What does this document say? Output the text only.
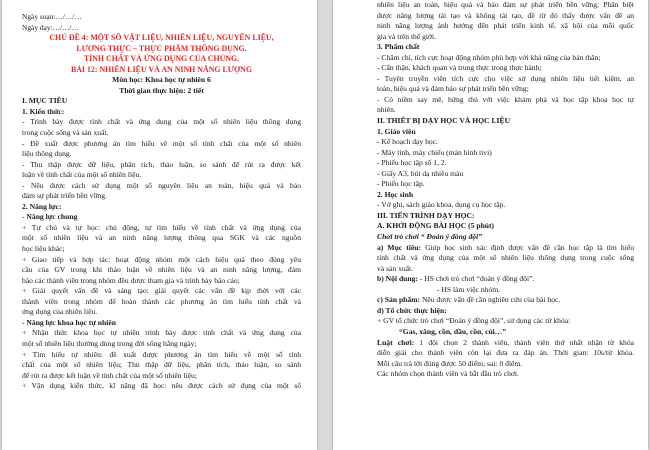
Ngày soạn:…/…/…
Ngày dạy:…/…/…
CHỦ ĐỀ 4: MỘT SỐ VẬT LIỆU, NHIÊN LIỆU, NGUYÊN LIỆU,
LƯƠNG THỰC – THỰC PHẨM THÔNG DỤNG.
TÍNH CHẤT VÀ ỨNG DỤNG CỦA CHÚNG.
BÀI 12: NHIÊN LIỆU VÀ AN NINH NĂNG LƯỢNG
Môn học: Khoa học tự nhiên 6
Thời gian thực hiện: 2 tiết
I. MỤC TIÊU
1. Kiến thức:
- Trình bày được tính chất và ứng dụng của một số nhiên liệu thông dụng
trong cuộc sống và sản xuất.
- Đề xuất được phương án tìm hiểu về một số tính chất của một số nhiên
liệu thông dụng.
- Thu thập được dữ liệu, phân tích, thảo luận, so sánh để rút ra được kết
luận về tính chất của một số nhiên liệu.
- Nêu được cách sử dụng một số nguyên liệu an toàn, hiệu quả và bảo
đảm sự phát triển bền vững.
2. Năng lực:
- Năng lực chung
+ Tự chủ và tự học: chủ động, tự tìm hiểu về tính chất và ứng dụng của
một số nhiên liệu và an ninh năng lượng thông qua SGK và các nguồn
học liệu khác;
+ Giao tiếp và hợp tác: hoạt động nhóm một cách hiệu quả theo đúng yêu
cầu của GV trong khi thảo luận về nhiên liệu và an ninh năng lượng, đảm
bảo các thành viên trong nhóm đều được tham gia và trình bày báo cáo;
+ Giải quyết vấn đề và sáng tạo: giải quyết các vấn đề kịp thời với các
thành viên trong nhóm để hoàn thành các phương án tìm hiểu tính chất và
ứng dụng của nhiên liệu.
- Năng lực khoa học tự nhiên
+ Nhận thức khoa học tự nhiên trình bày được tính chất và ứng dụng của
một số nhiên liệu thường dùng trong đời sống hằng ngày;
+ Tìm hiểu tự nhiên: đề xuất được phương án tìm hiểu về một số tính
chất của một số nhiên liệu; Thu thập dữ liệu, phân tích, thảo luận, so sánh
để rút ra được kết luận về tính chất của một số nhiên liệu;
+ Vận dụng kiến thức, kĩ năng đã học: nêu được cách sử dụng của một số
nhiên liệu an toàn, hiệu quả và bảo đảm sự phát triển bền vững; Phân biệt
được năng lượng tái tạo và không tái tạo, đề từ đó thấy được vấn đề an
ninh năng lượng ảnh hưởng đến phát triển kinh tế, xã hội của mỗi quốc
gia và trên thế giới.
3. Phẩm chất
- Chăm chỉ, tích cực hoạt động nhóm phù hợp với khả năng của bản thân;
- Cẩn thận, khách quan và trung thực trong thực hành;
- Tuyên truyền viên tích cực cho việc sử dụng nhiên liệu tiết kiệm, an
toàn, hiệu quả và đảm bảo sự phát triển bền vững;
- Có niềm say mê, hứng thú với việc khám phá và học tập khoa học tự
nhiên.
II. THIẾT BỊ DẠY HỌC VÀ HỌC LIỆU
1. Giáo viên
- Kế hoạch dạy học.
- Máy tính, máy chiếu (màn hình tivi)
- Phiếu học tập số 1, 2.
- Giấy A3, bút dạ nhiều màu
- Phiếu học tập.
2. Học sinh
- Vở ghi, sách giáo khoa, dụng cụ học tập.
III. TIẾN TRÌNH DẠY HỌC:
A. KHỞI ĐỘNG BÀI HỌC (5 phút)
Chơi trò chơi “ Đoán ý đồng đội”
a) Mục tiêu: Giúp học sinh xác định được vấn đề cần học tập là tìm hiểu
tính chất và ứng dụng của một số nhiên liệu thông dụng trong cuộc sống
và sản xuất.
b) Nội dung: - HS chơi trò chơi “đoán ý đồng đội”.
- HS làm việc nhóm.
c) Sản phẩm: Nêu được vấn đề cần nghiên cứu của bài học.
d) Tổ chức thực hiện:
+ GV tổ chức trò chơi “Đoán ý đồng đội”, sử dụng các từ khóa:
“Gas, xăng, cồn, dầu, cồn, củi…”
Luật chơi: 1 đội chọn 2 thành viên, thành viên thứ nhất nhận từ khóa
diễn giải cho thành viên còn lại đưa ra đáp án. Thời gian: 10s/từ khóa.
Mỗi câu trả lời đúng được 50 điểm; sai: 0 điểm.
Các nhóm chọn thành viên và bắt đầu trò chơi.
